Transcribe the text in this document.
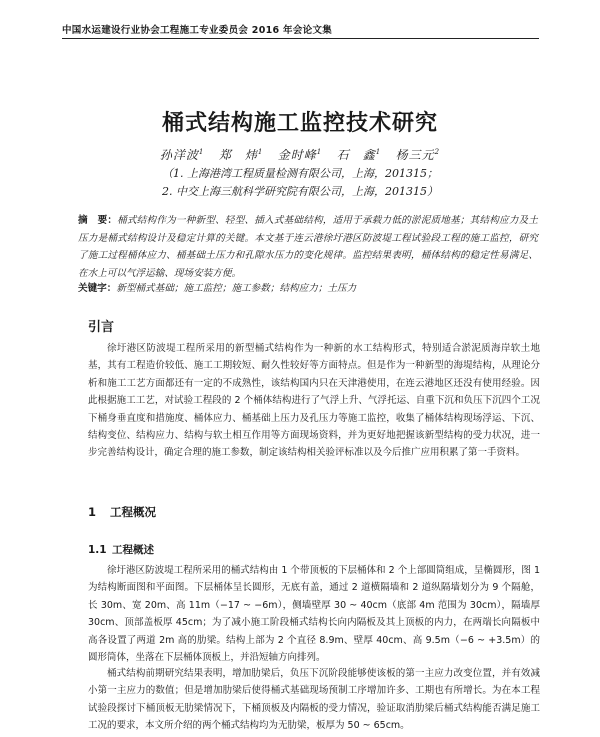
中国水运建设行业协会工程施工专业委员会 2016 年会论文集
桶式结构施工监控技术研究
孙洋波$^1$ 郑　炜$^1$ 金时峰$^1$ 石　鑫$^1$ 杨三元$^2$
（1. 上海港湾工程质量检测有限公司，上海，201315；
2. 中交上海三航科学研究院有限公司，上海，201315）
摘　要：桶式结构作为一种新型、轻型、插入式基础结构，适用于承载力低的淤泥质地基；其结构应力及土压力是桶式结构设计及稳定计算的关键。本文基于连云港徐圩港区防波堤工程试验段工程的施工监控，研究了施工过程桶体应力、桶基础土压力和孔隙水压力的变化规律。监控结果表明，桶体结构的稳定性易满足、在水上可以气浮运输、现场安装方便。
关键字：新型桶式基础；施工监控；施工参数；结构应力；土压力
引言
徐圩港区防波堤工程所采用的新型桶式结构作为一种新的水工结构形式，特别适合淤泥质海岸软土地基，其有工程造价较低、施工工期较短、耐久性较好等方面特点。但是作为一种新型的海堤结构，从理论分析和施工工艺方面都还有一定的不成熟性，该结构国内只在天津港使用，在连云港地区还没有使用经验。因此根据施工工艺，对试验工程段的 2 个桶体结构进行了气浮上升、气浮托运、自重下沉和负压下沉四个工况下桶身垂直度和措施度、桶体应力、桶基础上压力及孔压力等施工监控，收集了桶体结构现场浮运、下沉、结构变位、结构应力、结构与软土相互作用等方面现场资料，并为更好地把握该新型结构的受力状况，进一步完善结构设计，确定合理的施工参数，制定该结构相关验评标准以及今后推广应用积累了第一手资料。
1 工程概况
1.1 工程概述
徐圩港区防波堤工程所采用的桶式结构由 1 个带顶板的下层桶体和 2 个上部圆筒组成，呈椭圆形，图 1 为结构断面图和平面图。下层桶体呈长圆形，无底有盖，通过 2 道横隔墙和 2 道纵隔墙划分为 9 个隔舱，长 30m、宽 20m、高 11m（−17 ~ −6m），侧墙壁厚 30 ~ 40cm（底部 4m 范围为 30cm），隔墙厚 30cm、顶部盖板厚 45cm；为了减小施工阶段桶式结构长向内隔板及其上顶板的内力，在两端长向隔板中高各设置了两道 2m 高的肋梁。结构上部为 2 个直径 8.9m、壁厚 40cm、高 9.5m（−6 ~ +3.5m）的圆形筒体，坐落在下层桶体顶板上，并沿短轴方向排列。
桶式结构前期研究结果表明，增加肋梁后，负压下沉阶段能够使该板的第一主应力改变位置，并有效减小第一主应力的数值；但是增加肋梁后使得桶式基础现场预制工序增加许多、工期也有所增长。为在本工程试验段探讨下桶顶板无肋梁情况下，下桶顶板及内隔板的受力情况，验证取消肋梁后桶式结构能否满足施工工况的要求，本文所介绍的两个桶式结构均为无肋梁，板厚为 50 ~ 65cm。
